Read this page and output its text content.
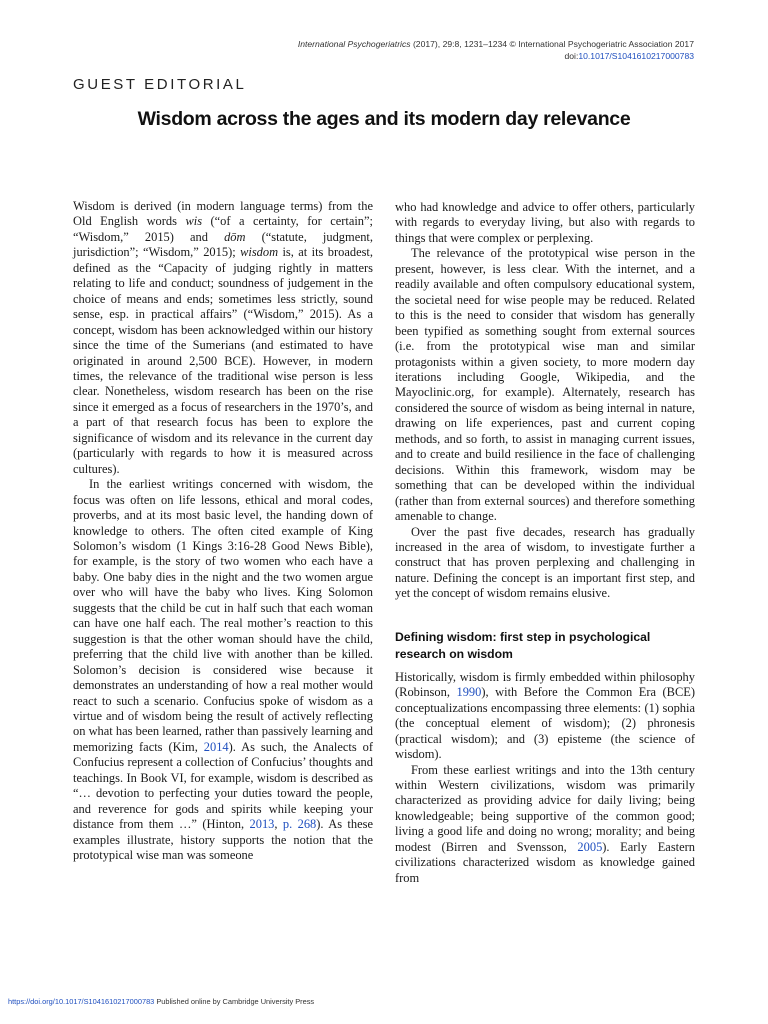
International Psychogeriatrics (2017), 29:8, 1231–1234 © International Psychogeriatric Association 2017
doi:10.1017/S1041610217000783
GUEST EDITORIAL
Wisdom across the ages and its modern day relevance

Wisdom is derived (in modern language terms) from the Old English words wis (“of a certainty, for certain”; “Wisdom,” 2015) and dōm (“statute, judgment, jurisdiction”; “Wisdom,” 2015); wisdom is, at its broadest, defined as the “Capacity of judging rightly in matters relating to life and conduct; soundness of judgement in the choice of means and ends; sometimes less strictly, sound sense, esp. in practical affairs” (“Wisdom,” 2015). As a concept, wisdom has been acknowledged within our history since the time of the Sumerians (and estimated to have originated in around 2,500 BCE). However, in modern times, the relevance of the traditional wise person is less clear. Nonetheless, wisdom research has been on the rise since it emerged as a focus of researchers in the 1970’s, and a part of that research focus has been to explore the significance of wisdom and its relevance in the current day (particularly with regards to how it is measured across cultures).

In the earliest writings concerned with wisdom, the focus was often on life lessons, ethical and moral codes, proverbs, and at its most basic level, the handing down of knowledge to others. The often cited example of King Solomon’s wisdom (1 Kings 3:16-28 Good News Bible), for example, is the story of two women who each have a baby. One baby dies in the night and the two women argue over who will have the baby who lives. King Solomon suggests that the child be cut in half such that each woman can have one half each. The real mother’s reaction to this suggestion is that the other woman should have the child, preferring that the child live with another than be killed. Solomon’s decision is considered wise because it demonstrates an understanding of how a real mother would react to such a scenario. Confucius spoke of wisdom as a virtue and of wisdom being the result of actively reflecting on what has been learned, rather than passively learning and memorizing facts (Kim, 2014). As such, the Analects of Confucius represent a collection of Confucius’ thoughts and teachings. In Book VI, for example, wisdom is described as “… devotion to perfecting your duties toward the people, and reverence for gods and spirits while keeping your distance from them …” (Hinton, 2013, p. 268). As these examples illustrate, history supports the notion that the prototypical wise man was someone

who had knowledge and advice to offer others, particularly with regards to everyday living, but also with regards to things that were complex or perplexing.

The relevance of the prototypical wise person in the present, however, is less clear. With the internet, and a readily available and often compulsory educational system, the societal need for wise people may be reduced. Related to this is the need to consider that wisdom has generally been typified as something sought from external sources (i.e. from the prototypical wise man and similar protagonists within a given society, to more modern day iterations including Google, Wikipedia, and the Mayoclinic.org, for example). Alternately, research has considered the source of wisdom as being internal in nature, drawing on life experiences, past and current coping methods, and so forth, to assist in managing current issues, and to create and build resilience in the face of challenging decisions. Within this framework, wisdom may be something that can be developed within the individual (rather than from external sources) and therefore something amenable to change.

Over the past five decades, research has gradually increased in the area of wisdom, to investigate further a construct that has proven perplexing and challenging in nature. Defining the concept is an important first step, and yet the concept of wisdom remains elusive.

Defining wisdom: first step in psychological research on wisdom

Historically, wisdom is firmly embedded within philosophy (Robinson, 1990), with Before the Common Era (BCE) conceptualizations encompassing three elements: (1) sophia (the conceptual element of wisdom); (2) phronesis (practical wisdom); and (3) episteme (the science of wisdom).

From these earliest writings and into the 13th century within Western civilizations, wisdom was primarily characterized as providing advice for daily living; being knowledgeable; being supportive of the common good; living a good life and doing no wrong; morality; and being modest (Birren and Svensson, 2005). Early Eastern civilizations characterized wisdom as knowledge gained from

https://doi.org/10.1017/S1041610217000783 Published online by Cambridge University Press
